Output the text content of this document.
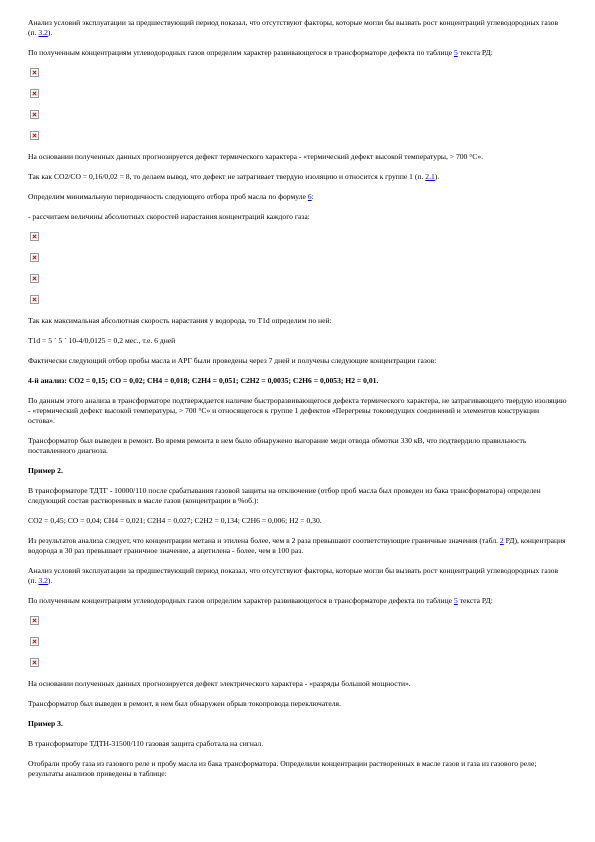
Анализ условий эксплуатации за предшествующий период показал, что отсутствуют факторы, которые могли бы вызвать рост концентраций углеводородных газов (п. 3.2).

По полученным концентрациям углеводородных газов определим характер развивающегося в трансформаторе дефекта по таблице 5 текста РД:

На основании полученных данных прогнозируется дефект термического характера - «термический дефект высокой температуры, > 700 °С».

Так как CO2/CO = 0,16/0,02 = 8, то делаем вывод, что дефект не затрагивает твердую изоляцию и относится к группе 1 (п. 2.1).

Определим минимальную периодичность следующего отбора проб масла по формуле 6:

- рассчитаем величины абсолютных скоростей нарастания концентраций каждого газа:

Так как максимальная абсолютная скорость нарастания у водорода, то T1d определим по ней:

T1d = 5 ´ 5 ´ 10-4/0,0125 = 0,2 мес., т.е. 6 дней

Фактически следующий отбор пробы масла и АРГ были проведены через 7 дней и получены следующие концентрации газов:

4-й анализ: CO2 = 0,15; CO = 0,02; CH4 = 0,018; C2H4 = 0,051; C2H2 = 0,0035; C2H6 = 0,0053; H2 = 0,01.

По данным этого анализа в трансформаторе подтверждается наличие быстроразвивающегося дефекта термического характера, не затрагивающего твердую изоляцию - «термический дефект высокой температуры, > 700 °С» и относящегося к группе 1 дефектов «Перегревы токоведущих соединений и элементов конструкции остова».

Трансформатор был выведен в ремонт. Во время ремонта в нем было обнаружено выгорание меди отвода обмотки 330 кВ, что подтвердило правильность поставленного диагноза.

Пример 2.

В трансформаторе ТДТГ - 10000/110 после срабатывания газовой защиты на отключение (отбор проб масла был проведен из бака трансформатора) определен следующий состав растворенных в масле газов (концентрации в %об.):

CO2 = 0,45; CO = 0,04; CH4 = 0,021; C2H4 = 0,027; C2H2 = 0,134; C2H6 = 0,006; H2 = 0,30.

Из результатов анализа следует, что концентрации метана и этилена более, чем в 2 раза превышают соответствующие граничные значения (табл. 2 РД), концентрация водорода в 30 раз превышает граничное значение, а ацетилена - более, чем в 100 раз.

Анализ условий эксплуатации за предшествующий период показал, что отсутствуют факторы, которые могли бы вызвать рост концентраций углеводородных газов (п. 3.2).

По полученным концентрациям углеводородных газов определим характер развивающегося в трансформаторе дефекта по таблице 5 текста РД:

На основании полученных данных прогнозируется дефект электрического характера - «разряды большой мощности».

Трансформатор был выведен в ремонт, в нем был обнаружен обрыв токопровода переключателя.

Пример 3.

В трансформаторе ТДТН-31500/110 газовая защита сработала на сигнал.

Отобрали пробу газа из газового реле и пробу масла из бака трансформатора. Определили концентрации растворенных в масле газов и газа из газового реле; результаты анализов приведены в таблице:
